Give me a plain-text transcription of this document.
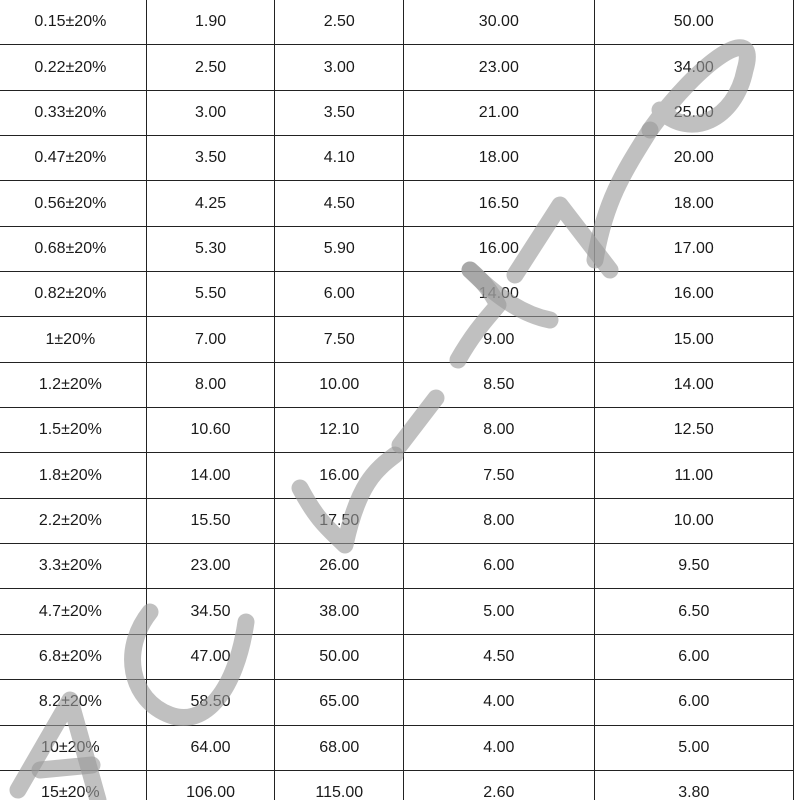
0.15±20%	1.90	2.50	30.00	50.00
0.22±20%	2.50	3.00	23.00	34.00
0.33±20%	3.00	3.50	21.00	25.00
0.47±20%	3.50	4.10	18.00	20.00
0.56±20%	4.25	4.50	16.50	18.00
0.68±20%	5.30	5.90	16.00	17.00
0.82±20%	5.50	6.00	14.00	16.00
1±20%	7.00	7.50	9.00	15.00
1.2±20%	8.00	10.00	8.50	14.00
1.5±20%	10.60	12.10	8.00	12.50
1.8±20%	14.00	16.00	7.50	11.00
2.2±20%	15.50	17.50	8.00	10.00
3.3±20%	23.00	26.00	6.00	9.50
4.7±20%	34.50	38.00	5.00	6.50
6.8±20%	47.00	50.00	4.50	6.00
8.2±20%	58.50	65.00	4.00	6.00
10±20%	64.00	68.00	4.00	5.00
15±20%	106.00	115.00	2.60	3.80
